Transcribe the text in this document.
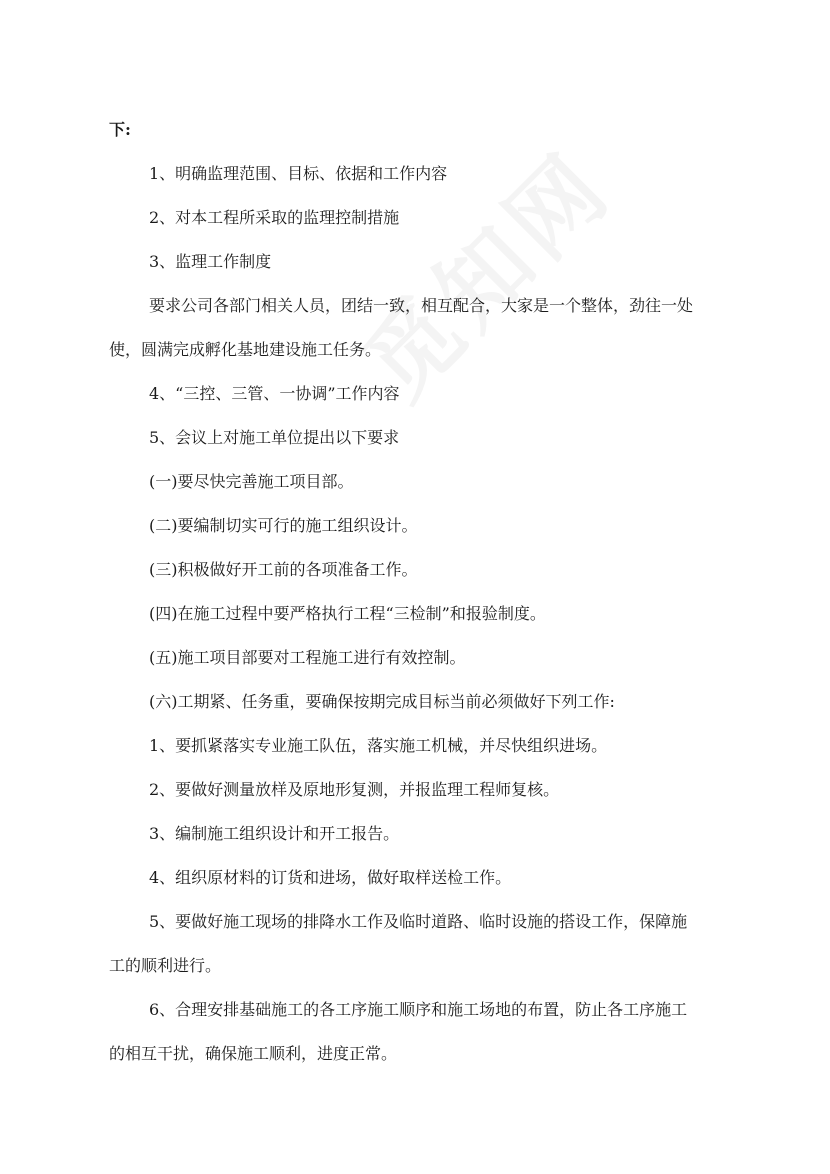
下:
1、明确监理范围、目标、依据和工作内容
2、对本工程所采取的监理控制措施
3、监理工作制度
要求公司各部门相关人员，团结一致，相互配合，大家是一个整体，劲往一处
使，圆满完成孵化基地建设施工任务。
4、“三控、三管、一协调”工作内容
5、会议上对施工单位提出以下要求
(一)要尽快完善施工项目部。
(二)要编制切实可行的施工组织设计。
(三)积极做好开工前的各项准备工作。
(四)在施工过程中要严格执行工程“三检制”和报验制度。
(五)施工项目部要对工程施工进行有效控制。
(六)工期紧、任务重，要确保按期完成目标当前必须做好下列工作:
1、要抓紧落实专业施工队伍，落实施工机械，并尽快组织进场。
2、要做好测量放样及原地形复测，并报监理工程师复核。
3、编制施工组织设计和开工报告。
4、组织原材料的订货和进场，做好取样送检工作。
5、要做好施工现场的排降水工作及临时道路、临时设施的搭设工作，保障施
工的顺利进行。
6、合理安排基础施工的各工序施工顺序和施工场地的布置，防止各工序施工
的相互干扰，确保施工顺利，进度正常。
